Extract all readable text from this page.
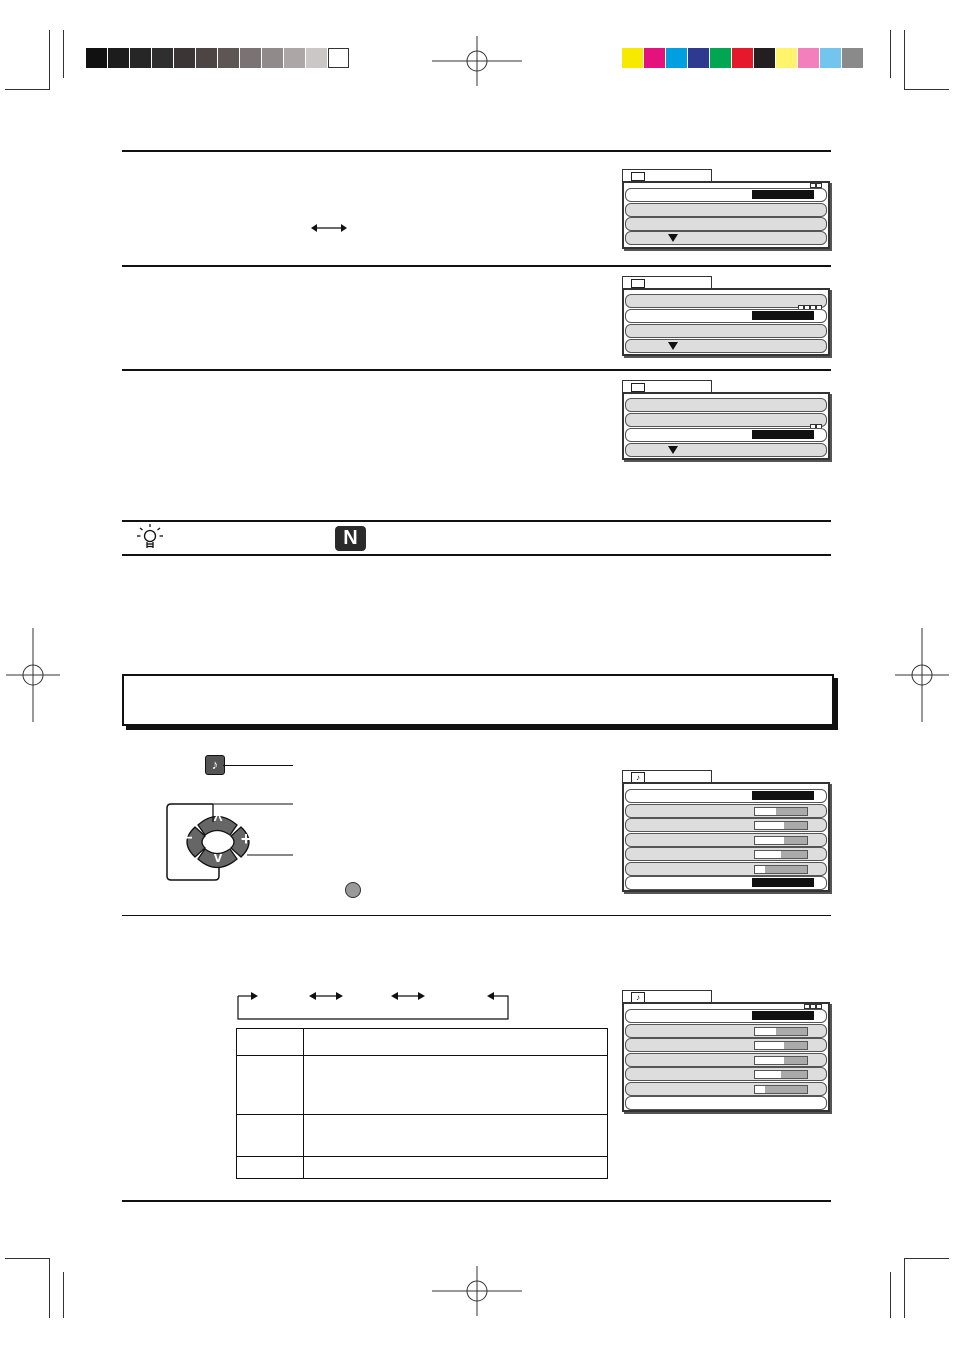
N
♪
^
v
−	+
♪

♪
